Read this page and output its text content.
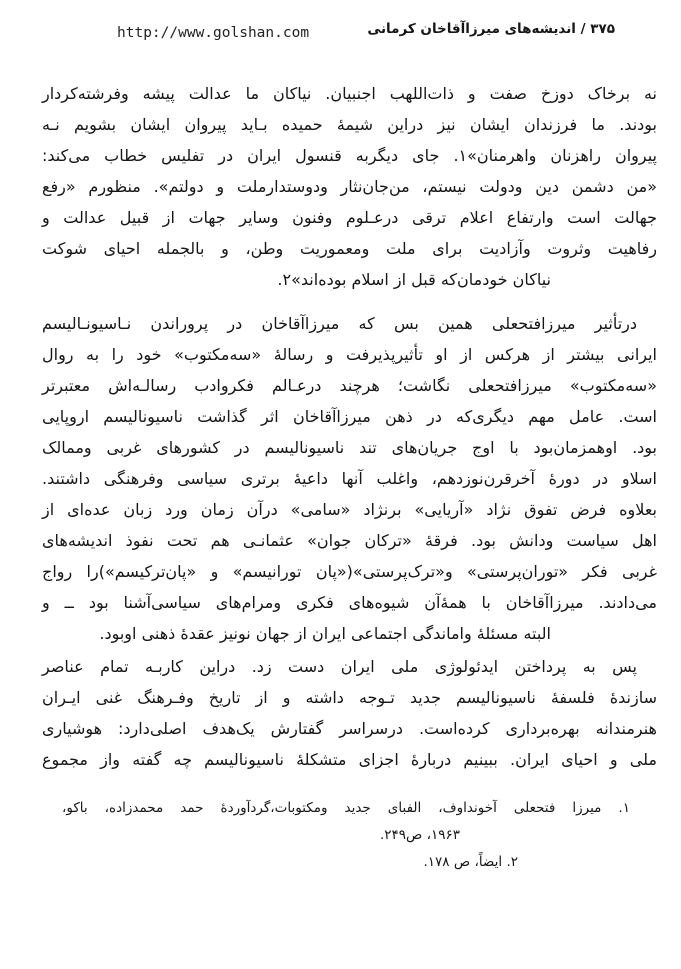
۳۷۵ / اندیشه‌های میرزاآقاخان کرمانی
http://www.golshan.com
نه برخاک دوزخ صفت و ذات‌اللهب اجنبیان. نیاکان ما عدالت پیشه وفرشته‌کردار
بودند. ما فرزندان ایشان نیز دراین شیمهٔ حمیده بـاید پیروان ایشان بشویم نـه
پیروان راهزنان واهرمنان»۱. جای دیگربه قنسول ایران در تفلیس خطاب می‌کند:
«من دشمن دین ودولت نیستم، من‌جان‌نثار ودوستدارملت و دولتم». منظورم «رفع
جهالت است وارتفاع اعلام ترقی درعـلوم وفنون وسایر جهات از قبیل عدالت و
رفاهیت وثروت وآزادیت برای ملت ومعموریت وطن، و بالجمله احیای شوکت
نیاکان خودمان‌که قبل از اسلام بوده‌اند»۲.
درتأثیر میرزافتحعلی همین بس که میرزاآقاخان در پروراندن نـاسیونـالیسم
ایرانی بیشتر از هرکس از او تأثیرپذیرفت و رسالهٔ «سه‌مکتوب» خود را به روال
«سه‌مکتوب» میرزافتحعلی نگاشت؛ هرچند درعـالم فکروادب رسالـه‌اش معتبرتر
است. عامل مهم دیگری‌که در ذهن میرزاآقاخان اثر گذاشت ناسیونالیسم اروپایی
بود. اوهمزمان‌بود با اوج جریان‌های تند ناسیونالیسم در کشورهای غربی وممالک
اسلاو در دورهٔ آخرقرن‌نوزدهم، واغلب آنها داعیهٔ برتری سیاسی وفرهنگی داشتند.
بعلاوه فرض تفوق نژاد «آریایی» برنژاد «سامی» درآن زمان ورد زبان عده‌ای از
اهل سیاست ودانش بود. فرقهٔ «ترکان جوان» عثمانـی هم تحت نفوذ اندیشه‌های
غربی فکر «توران‌پرستی» و«ترک‌پرستی»(«پان تورانیسم» و «پان‌ترکیسم»)را رواج
می‌دادند. میرزاآقاخان با همهٔ‌آن شیوه‌های فکری ومرام‌های سیاسی‌آشنا بود ــ و
البته مسئلهٔ واماندگی اجتماعی ایران از جهان نونیز عقدهٔ ذهنی اوبود.
پس به پرداختن ایدئولوژی ملی ایران دست زد. دراین کاربـه تمام عناصر
سازندهٔ فلسفهٔ ناسیونالیسم جدید تـوجه داشته و از تاریخ وفـرهنگ غنی ایـران
هنرمندانه بهره‌برداری کرده‌است. درسراسر گفتارش یک‌هدف اصلی‌دارد: هوشیاری
ملی و احیای ایران. ببینیم دربارهٔ اجزای متشکلهٔ ناسیونالیسم چه گفته واز مجموع
۱. میرزا فتحعلی آخونداوف، الفبای جدید ومکتوبات،گردآوردهٔ حمد محمدزاده، باکو،
۱۹۶۳، ص۲۴۹.
۲. ایضاً، ص ۱۷۸.
